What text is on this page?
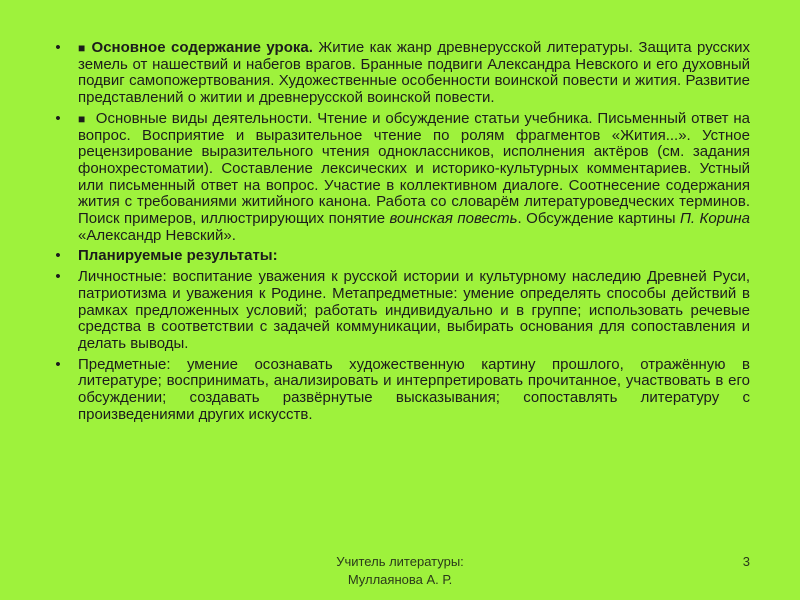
• ■ Основное содержание урока. Житие как жанр древнерусской литературы. Защита русских земель от нашествий и набегов врагов. Бранные подвиги Александра Невского и его духовный подвиг самопожертвования. Художественные особенности воинской повести и жития. Развитие представлений о житии и древнерусской воинской повести.
• ■ Основные виды деятельности. Чтение и обсуждение статьи учебника. Письменный ответ на вопрос. Восприятие и выразительное чтение по ролям фрагментов «Жития...». Устное рецензирование выразительного чтения одноклассников, исполнения актёров (см. задания фонохрестоматии). Составление лексических и историко-культурных комментариев. Устный или письменный ответ на вопрос. Участие в коллективном диалоге. Соотнесение содержания жития с требованиями житийного канона. Работа со словарём литературоведческих терминов. Поиск примеров, иллюстрирующих понятие воинская повесть. Обсуждение картины П. Корина «Александр Невский».
• Планируемые результаты:
• Личностные: воспитание уважения к русской истории и культурному наследию Древней Руси, патриотизма и уважения к Родине. Метапредметные: умение определять способы действий в рамках предложенных условий; работать индивидуально и в группе; использовать речевые средства в соответствии с задачей коммуникации, выбирать основания для сопоставления и делать выводы.
• Предметные: умение осознавать художественную картину прошлого, отражённую в литературе; воспринимать, анализировать и интерпретировать прочитанное, участвовать в его обсуждении; создавать развёрнутые высказывания; сопоставлять литературу с произведениями других искусств.
Учитель литературы:
Муллаянова А. Р.
3
